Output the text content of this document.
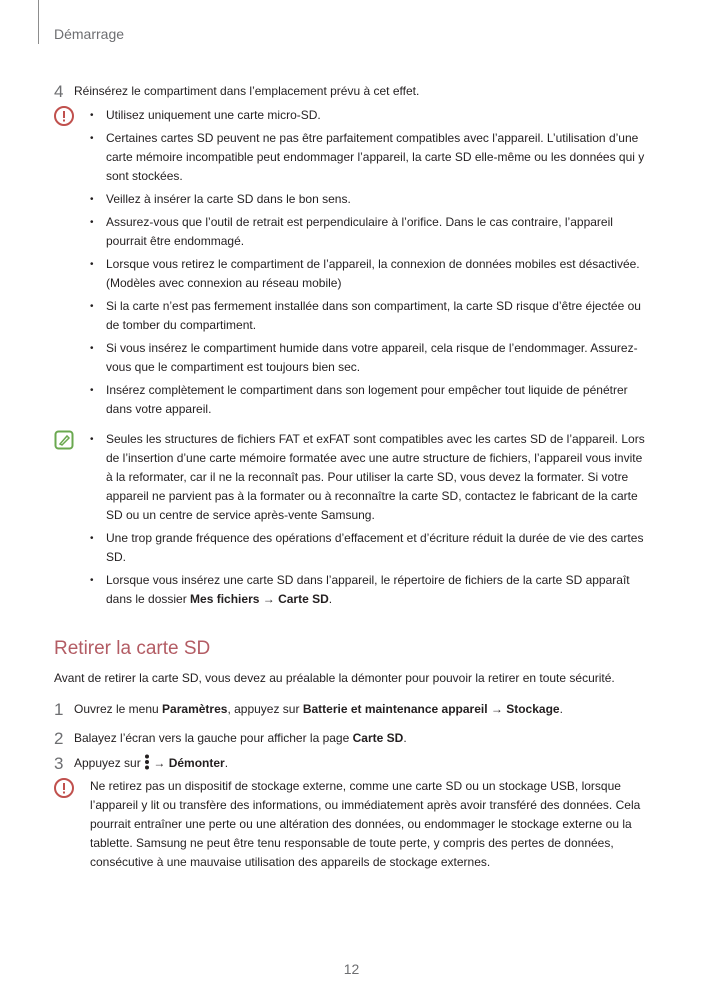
Démarrage
4 Réinsérez le compartiment dans l’emplacement prévu à cet effet.
• Utilisez uniquement une carte micro-SD.
• Certaines cartes SD peuvent ne pas être parfaitement compatibles avec l’appareil. L’utilisation d’une carte mémoire incompatible peut endommager l’appareil, la carte SD elle-même ou les données qui y sont stockées.
• Veillez à insérer la carte SD dans le bon sens.
• Assurez-vous que l’outil de retrait est perpendiculaire à l’orifice. Dans le cas contraire, l’appareil pourrait être endommagé.
• Lorsque vous retirez le compartiment de l’appareil, la connexion de données mobiles est désactivée. (Modèles avec connexion au réseau mobile)
• Si la carte n’est pas fermement installée dans son compartiment, la carte SD risque d’être éjectée ou de tomber du compartiment.
• Si vous insérez le compartiment humide dans votre appareil, cela risque de l’endommager. Assurez-vous que le compartiment est toujours bien sec.
• Insérez complètement le compartiment dans son logement pour empêcher tout liquide de pénétrer dans votre appareil.
• Seules les structures de fichiers FAT et exFAT sont compatibles avec les cartes SD de l’appareil. Lors de l’insertion d’une carte mémoire formatée avec une autre structure de fichiers, l’appareil vous invite à la reformater, car il ne la reconnaît pas. Pour utiliser la carte SD, vous devez la formater. Si votre appareil ne parvient pas à la formater ou à reconnaître la carte SD, contactez le fabricant de la carte SD ou un centre de service après-vente Samsung.
• Une trop grande fréquence des opérations d’effacement et d’écriture réduit la durée de vie des cartes SD.
• Lorsque vous insérez une carte SD dans l’appareil, le répertoire de fichiers de la carte SD apparaît dans le dossier Mes fichiers → Carte SD.
Retirer la carte SD
Avant de retirer la carte SD, vous devez au préalable la démonter pour pouvoir la retirer en toute sécurité.
1 Ouvrez le menu Paramètres, appuyez sur Batterie et maintenance appareil → Stockage.
2 Balayez l’écran vers la gauche pour afficher la page Carte SD.
3 Appuyez sur  → Démonter.
Ne retirez pas un dispositif de stockage externe, comme une carte SD ou un stockage USB, lorsque l’appareil y lit ou transfère des informations, ou immédiatement après avoir transféré des données. Cela pourrait entraîner une perte ou une altération des données, ou endommager le stockage externe ou la tablette. Samsung ne peut être tenu responsable de toute perte, y compris des pertes de données, consécutive à une mauvaise utilisation des appareils de stockage externes.
12
